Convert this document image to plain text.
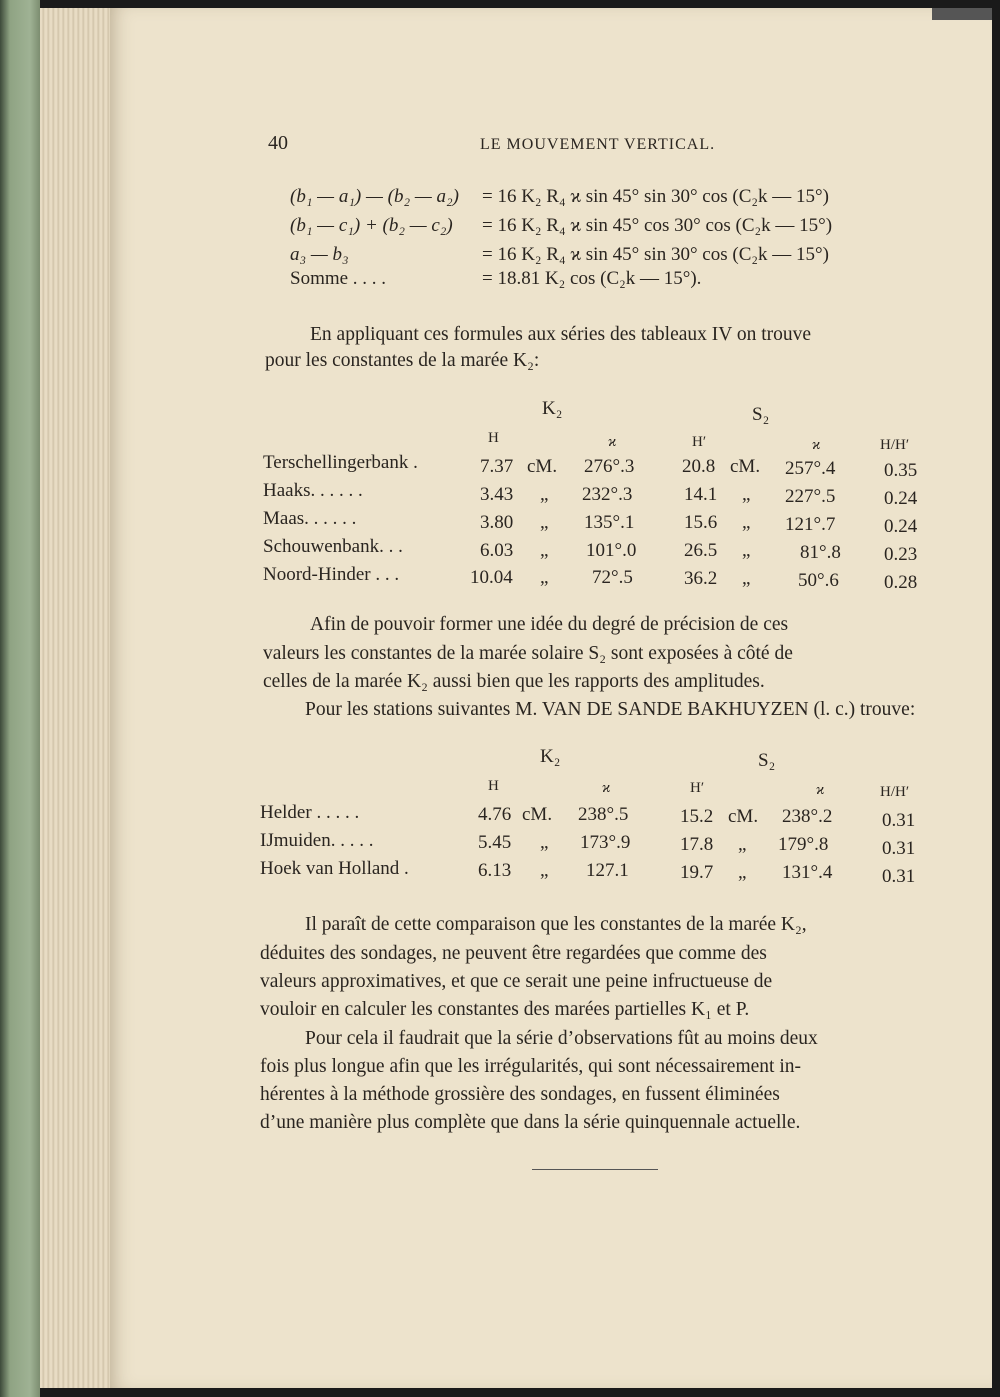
40	LE MOUVEMENT VERTICAL.
(b₁ — a₁) — (b₂ — a₂) = 16 K₂ R₄ ϰ sin 45° sin 30° cos (C₂k — 15°)
(b₁ — c₁) + (b₂ — c₂) = 16 K₂ R₄ ϰ sin 45° cos 30° cos (C₂k — 15°)
a₃ — b₃	= 16 K₂ R₄ ϰ sin 45° sin 30° cos (C₂k — 15°)
Somme . . . .	= 18.81 K₂ cos (C₂k — 15°).
En appliquant ces formules aux séries des tableaux IV on trouve
pour les constantes de la marée K₂:
K₂	S₂
H	ϰ	H′	ϰ	H/H′
Terschellingerbank .	7.37 cM. 276°.3	20.8 cM. 257°.4	0.35
Haaks. . . . . .	3.43 „ 232°.3	14.1 „ 227°.5	0.24
Maas. . . . . .	3.80 „ 135°.1	15.6 „ 121°.7	0.24
Schouwenbank. . .	6.03 „ 101°.0	26.5 „	81°.8 0.23
Noord-Hinder . . .	10.04 „ 72°.5	36.2 „	50°.6 0.28
Afin de pouvoir former une idée du degré de précision de ces
valeurs les constantes de la marée solaire S₂ sont exposées à côté de
celles de la marée K₂ aussi bien que les rapports des amplitudes.
Pour les stations suivantes M. VAN DE SANDE BAKHUYZEN (l. c.) trouve:
K₂	S₂
H	ϰ	H′	ϰ	H/H′
Helder . . . . .	4.76 cM. 238°.5	15.2 cM. 238°.2	0.31
IJmuiden. . . . .	5.45 „ 173°.9	17.8 „ 179°.8	0.31
Hoek van Holland .	6.13 „ 127.1	19.7 „ 131°.4	0.31
Il paraît de cette comparaison que les constantes de la marée K₂,
déduites des sondages, ne peuvent être regardées que comme des
valeurs approximatives, et que ce serait une peine infructueuse de
vouloir en calculer les constantes des marées partielles K₁ et P.
Pour cela il faudrait que la série d’observations fût au moins deux
fois plus longue afin que les irrégularités, qui sont nécessairement in-
hérentes à la méthode grossière des sondages, en fussent éliminées
d’une manière plus complète que dans la série quinquennale actuelle.
